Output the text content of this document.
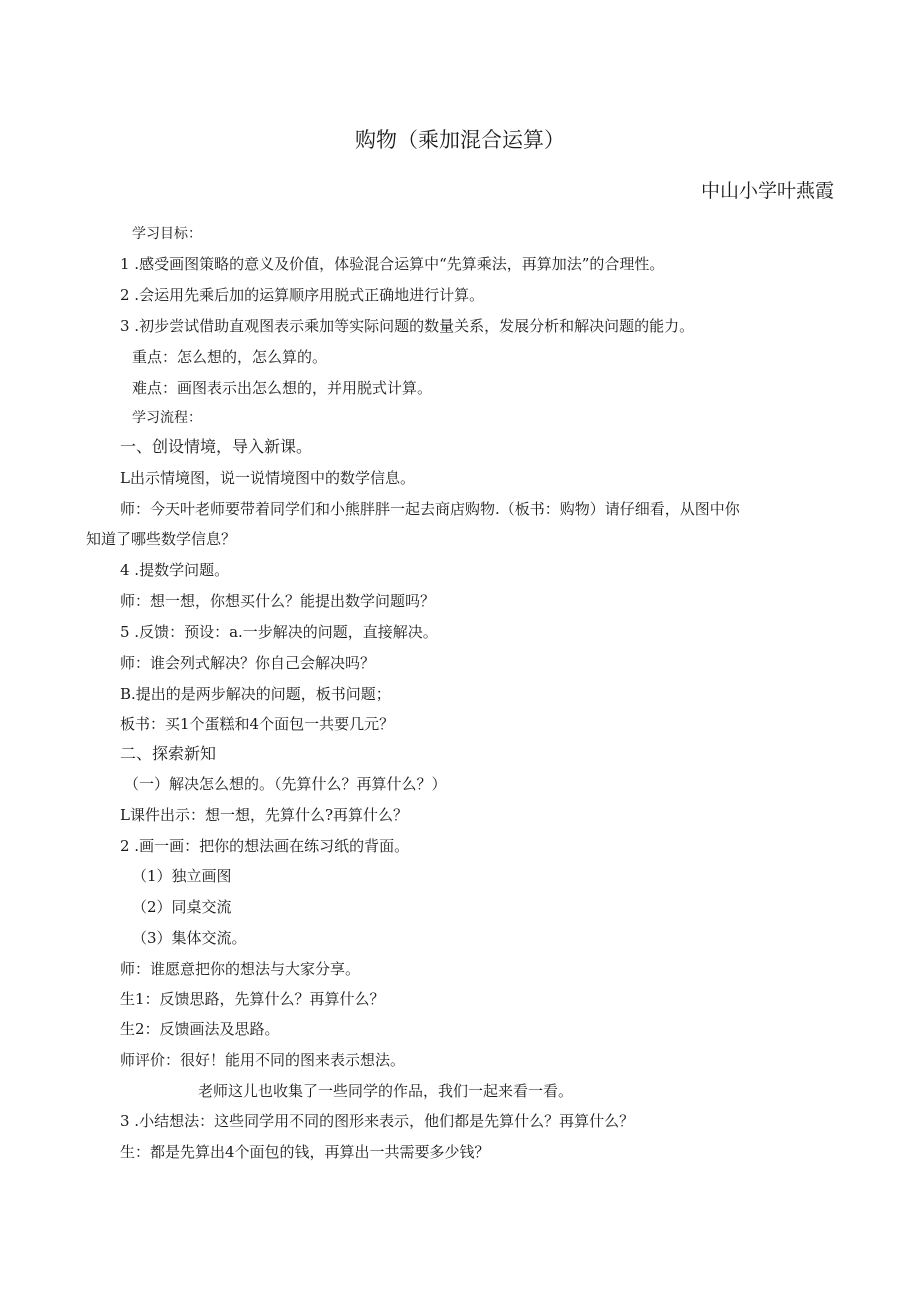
购物（乘加混合运算）
中山小学叶燕霞
学习目标：
1 .感受画图策略的意义及价值，体验混合运算中“先算乘法，再算加法”的合理性。
2 .会运用先乘后加的运算顺序用脱式正确地进行计算。
3 .初步尝试借助直观图表示乘加等实际问题的数量关系，发展分析和解决问题的能力。
重点：怎么想的，怎么算的。
难点：画图表示出怎么想的，并用脱式计算。
学习流程：
一、创设情境，导入新课。
L出示情境图，说一说情境图中的数学信息。
师：今天叶老师要带着同学们和小熊胖胖一起去商店购物.（板书：购物）请仔细看，从图中你
知道了哪些数学信息？
4 .提数学问题。
师：想一想，你想买什么？能提出数学问题吗？
5 .反馈：预设：a.一步解决的问题，直接解决。
师：谁会列式解决？你自己会解决吗？
B.提出的是两步解决的问题，板书问题；
板书：买1个蛋糕和4个面包一共要几元？
二、探索新知
（一）解决怎么想的。（先算什么？再算什么？）
L课件出示：想一想，先算什么?再算什么？
2 .画一画：把你的想法画在练习纸的背面。
（1）独立画图
（2）同桌交流
（3）集体交流。
师：谁愿意把你的想法与大家分享。
生1：反馈思路，先算什么？再算什么？
生2：反馈画法及思路。
师评价：很好！能用不同的图来表示想法。
老师这儿也收集了一些同学的作品，我们一起来看一看。
3 .小结想法：这些同学用不同的图形来表示，他们都是先算什么？再算什么？
生：都是先算出4个面包的钱，再算出一共需要多少钱？
